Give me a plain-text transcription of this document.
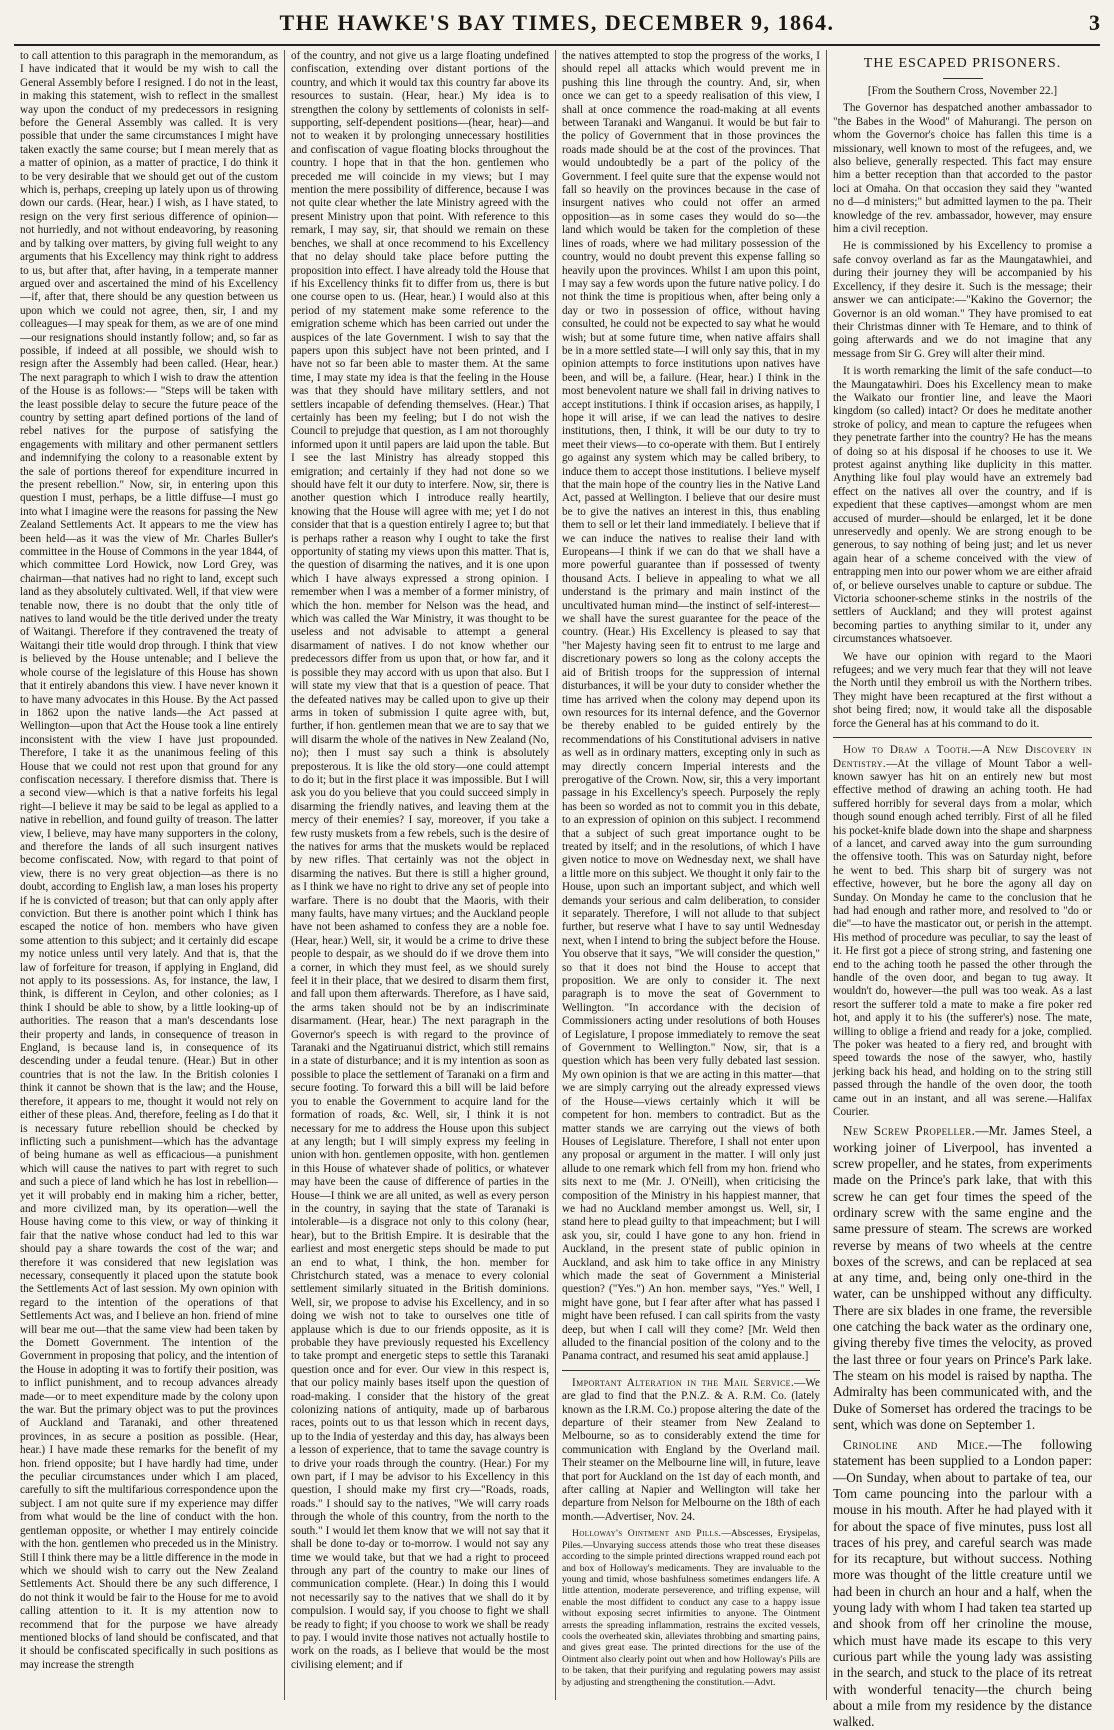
THE HAWKE'S BAY TIMES, DECEMBER 9, 1864.	3

to call attention to this paragraph in the memorandum, as I have indicated that it would be my wish to call the General Assembly before I resigned. I do not in the least, in making this statement, wish to reflect in the smallest way upon the conduct of my predecessors in resigning before the General Assembly was called. It is very possible that under the same circumstances I might have taken exactly the same course; but I mean merely that as a matter of opinion, as a matter of practice, I do think it to be very desirable that we should get out of the custom which is, perhaps, creeping up lately upon us of throwing down our cards. (Hear, hear.) I wish, as I have stated, to resign on the very first serious difference of opinion—not hurriedly, and not without endeavoring, by reasoning and by talking over matters, by giving full weight to any arguments that his Excellency may think right to address to us, but after that, after having, in a temperate manner argued over and ascertained the mind of his Excellency—if, after that, there should be any question between us upon which we could not agree, then, sir, I and my colleagues—I may speak for them, as we are of one mind—our resignations should instantly follow; and, so far as possible, if indeed at all possible, we should wish to resign after the Assembly had been called. (Hear, hear.) The next paragraph to which I wish to draw the attention of the House is as follows:— "Steps will be taken with the least possible delay to secure the future peace of the country by setting apart defined portions of the land of rebel natives for the purpose of satisfying the engagements with military and other permanent settlers and indemnifying the colony to a reasonable extent by the sale of portions thereof for expenditure incurred in the present rebellion." Now, sir, in entering upon this question I must, perhaps, be a little diffuse—I must go into what I imagine were the reasons for passing the New Zealand Settlements Act. It appears to me the view has been held—as it was the view of Mr. Charles Buller's committee in the House of Commons in the year 1844, of which committee Lord Howick, now Lord Grey, was chairman—that natives had no right to land, except such land as they absolutely cultivated. Well, if that view were tenable now, there is no doubt that the only title of natives to land would be the title derived under the treaty of Waitangi. Therefore if they contravened the treaty of Waitangi their title would drop through. I think that view is believed by the House untenable; and I believe the whole course of the legislature of this House has shown that it entirely abandons this view. I have never known it to have many advocates in this House. By the Act passed in 1862 upon the native lands—the Act passed at Wellington—upon that Act the House took a line entirely inconsistent with the view I have just propounded. Therefore, I take it as the unanimous feeling of this House that we could not rest upon that ground for any confiscation necessary. I therefore dismiss that. There is a second view—which is that a native forfeits his legal right—I believe it may be said to be legal as applied to a native in rebellion, and found guilty of treason. The latter view, I believe, may have many supporters in the colony, and therefore the lands of all such insurgent natives become confiscated. Now, with regard to that point of view, there is no very great objection—as there is no doubt, according to English law, a man loses his property if he is convicted of treason; but that can only apply after conviction. But there is another point which I think has escaped the notice of hon. members who have given some attention to this subject; and it certainly did escape my notice unless until very lately. And that is, that the law of forfeiture for treason, if applying in England, did not apply to its possessions. As, for instance, the law, I think, is different in Ceylon, and other colonies; as I think I should be able to show, by a little looking-up of authorities. The reason that a man's descendants lose their property and lands, in consequence of treason in England, is because land is, in consequence of its descending under a feudal tenure. (Hear.) But in other countries that is not the law. In the British colonies I think it cannot be shown that is the law; and the House, therefore, it appears to me, thought it would not rely on either of these pleas. And, therefore, feeling as I do that it is necessary future rebellion should be checked by inflicting such a punishment—which has the advantage of being humane as well as efficacious—a punishment which will cause the natives to part with regret to such and such a piece of land which he has lost in rebellion—yet it will probably end in making him a richer, better, and more civilized man, by its operation—well the House having come to this view, or way of thinking it fair that the native whose conduct had led to this war should pay a share towards the cost of the war; and therefore it was considered that new legislation was necessary, consequently it placed upon the statute book the Settlements Act of last session. My own opinion with regard to the intention of the operations of that Settlements Act was, and I believe an hon. friend of mine will bear me out—that the same view had been taken by the Domett Government. The intention of the Government in proposing that policy, and the intention of the House in adopting it was to fortify their position, was to inflict punishment, and to recoup advances already made—or to meet expenditure made by the colony upon the war. But the primary object was to put the provinces of Auckland and Taranaki, and other threatened provinces, in as secure a position as possible. (Hear, hear.) I have made these remarks for the benefit of my hon. friend opposite; but I have hardly had time, under the peculiar circumstances under which I am placed, carefully to sift the multifarious correspondence upon the subject. I am not quite sure if my experience may differ from what would be the line of conduct with the hon. gentleman opposite, or whether I may entirely coincide with the hon. gentlemen who preceded us in the Ministry. Still I think there may be a little difference in the mode in which we should wish to carry out the New Zealand Settlements Act. Should there be any such difference, I do not think it would be fair to the House for me to avoid calling attention to it. It is my attention now to recommend that for the purpose we have already mentioned blocks of land should be confiscated, and that it should be confiscated specifically in such positions as may increase the strength

of the country, and not give us a large floating undefined confiscation, extending over distant portions of the country, and which it would tax this country far above its resources to sustain. (Hear, hear.) My idea is to strengthen the colony by settlements of colonists in self-supporting, self-dependent positions—(hear, hear)—and not to weaken it by prolonging unnecessary hostilities and confiscation of vague floating blocks throughout the country. I hope that in that the hon. gentlemen who preceded me will coincide in my views; but I may mention the mere possibility of difference, because I was not quite clear whether the late Ministry agreed with the present Ministry upon that point. With reference to this remark, I may say, sir, that should we remain on these benches, we shall at once recommend to his Excellency that no delay should take place before putting the proposition into effect. I have already told the House that if his Excellency thinks fit to differ from us, there is but one course open to us. (Hear, hear.) I would also at this period of my statement make some reference to the emigration scheme which has been carried out under the auspices of the late Government. I wish to say that the papers upon this subject have not been printed, and I have not so far been able to master them. At the same time, I may state my idea is that the feeling in the House was that they should have military settlers, and not settlers incapable of defending themselves. (Hear.) That certainly has been my feeling; but I do not wish the Council to prejudge that question, as I am not thoroughly informed upon it until papers are laid upon the table. But I see the last Ministry has already stopped this emigration; and certainly if they had not done so we should have felt it our duty to interfere. Now, sir, there is another question which I introduce really heartily, knowing that the House will agree with me; yet I do not consider that that is a question entirely I agree to; but that is perhaps rather a reason why I ought to take the first opportunity of stating my views upon this matter. That is, the question of disarming the natives, and it is one upon which I have always expressed a strong opinion. I remember when I was a member of a former ministry, of which the hon. member for Nelson was the head, and which was called the War Ministry, it was thought to be useless and not advisable to attempt a general disarmament of natives. I do not know whether our predecessors differ from us upon that, or how far, and it is possible they may accord with us upon that also. But I will state my view that that is a question of peace. That the defeated natives may be called upon to give up their arms in token of submission I quite agree with, but, further, if hon. gentlemen mean that we are to say that we will disarm the whole of the natives in New Zealand (No, no); then I must say such a think is absolutely preposterous. It is like the old story—one could attempt to do it; but in the first place it was impossible. But I will ask you do you believe that you could succeed simply in disarming the friendly natives, and leaving them at the mercy of their enemies? I say, moreover, if you take a few rusty muskets from a few rebels, such is the desire of the natives for arms that the muskets would be replaced by new rifles. That certainly was not the object in disarming the natives. But there is still a higher ground, as I think we have no right to drive any set of people into warfare. There is no doubt that the Maoris, with their many faults, have many virtues; and the Auckland people have not been ashamed to confess they are a noble foe. (Hear, hear.) Well, sir, it would be a crime to drive these people to despair, as we should do if we drove them into a corner, in which they must feel, as we should surely feel it in their place, that we desired to disarm them first, and fall upon them afterwards. Therefore, as I have said, the arms taken should not be by an indiscriminate disarmament. (Hear, hear.) The next paragraph in the Governor's speech is with regard to the province of Taranaki and the Ngatiruanui district, which still remains in a state of disturbance; and it is my intention as soon as possible to place the settlement of Taranaki on a firm and secure footing. To forward this a bill will be laid before you to enable the Government to acquire land for the formation of roads, &c. Well, sir, I think it is not necessary for me to address the House upon this subject at any length; but I will simply express my feeling in union with hon. gentlemen opposite, with hon. gentlemen in this House of whatever shade of politics, or whatever may have been the cause of difference of parties in the House—I think we are all united, as well as every person in the country, in saying that the state of Taranaki is intolerable—is a disgrace not only to this colony (hear, hear), but to the British Empire. It is desirable that the earliest and most energetic steps should be made to put an end to what, I think, the hon. member for Christchurch stated, was a menace to every colonial settlement similarly situated in the British dominions. Well, sir, we propose to advise his Excellency, and in so doing we wish not to take to ourselves one title of applause which is due to our friends opposite, as it is probable they have previously requested his Excellency to take prompt and energetic steps to settle this Taranaki question once and for ever. Our view in this respect is, that our policy mainly bases itself upon the question of road-making. I consider that the history of the great colonizing nations of antiquity, made up of barbarous races, points out to us that lesson which in recent days, up to the India of yesterday and this day, has always been a lesson of experience, that to tame the savage country is to drive your roads through the country. (Hear.) For my own part, if I may be advisor to his Excellency in this question, I should make my first cry—"Roads, roads, roads." I should say to the natives, "We will carry roads through the whole of this country, from the north to the south." I would let them know that we will not say that it shall be done to-day or to-morrow. I would not say any time we would take, but that we had a right to proceed through any part of the country to make our lines of communication complete. (Hear.) In doing this I would not necessarily say to the natives that we shall do it by compulsion. I would say, if you choose to fight we shall be ready to fight; if you choose to work we shall be ready to pay. I would invite those natives not actually hostile to work on the roads, as I believe that would be the most civilising element; and if

the natives attempted to stop the progress of the works, I should repel all attacks which would prevent me in pushing this line through the country. And, sir, when once we can get to a speedy realisation of this view, I shall at once commence the road-making at all events between Taranaki and Wanganui. It would be but fair to the policy of Government that in those provinces the roads made should be at the cost of the provinces. That would undoubtedly be a part of the policy of the Government. I feel quite sure that the expense would not fall so heavily on the provinces because in the case of insurgent natives who could not offer an armed opposition—as in some cases they would do so—the land which would be taken for the completion of these lines of roads, where we had military possession of the country, would no doubt prevent this expense falling so heavily upon the provinces. Whilst I am upon this point, I may say a few words upon the future native policy. I do not think the time is propitious when, after being only a day or two in possession of office, without having consulted, he could not be expected to say what he would wish; but at some future time, when native affairs shall be in a more settled state—I will only say this, that in my opinion attempts to force institutions upon natives have been, and will be, a failure. (Hear, hear.) I think in the most benevolent nature we shall fail in driving natives to accept institutions. I think if occasion arises, as happily, I hope it will arise, if we can lead the natives to desire institutions, then, I think, it will be our duty to try to meet their views—to co-operate with them. But I entirely go against any system which may be called bribery, to induce them to accept those institutions. I believe myself that the main hope of the country lies in the Native Land Act, passed at Wellington. I believe that our desire must be to give the natives an interest in this, thus enabling them to sell or let their land immediately. I believe that if we can induce the natives to realise their land with Europeans—I think if we can do that we shall have a more powerful guarantee than if possessed of twenty thousand Acts. I believe in appealing to what we all understand is the primary and main instinct of the uncultivated human mind—the instinct of self-interest—we shall have the surest guarantee for the peace of the country. (Hear.) His Excellency is pleased to say that "her Majesty having seen fit to entrust to me large and discretionary powers so long as the colony accepts the aid of British troops for the suppression of internal disturbances, it will be your duty to consider whether the time has arrived when the colony may depend upon its own resources for its internal defence, and the Governor be thereby enabled to be guided entirely by the recommendations of his Constitutional advisers in native as well as in ordinary matters, excepting only in such as may directly concern Imperial interests and the prerogative of the Crown. Now, sir, this a very important passage in his Excellency's speech. Purposely the reply has been so worded as not to commit you in this debate, to an expression of opinion on this subject. I recommend that a subject of such great importance ought to be treated by itself; and in the resolutions, of which I have given notice to move on Wednesday next, we shall have a little more on this subject. We thought it only fair to the House, upon such an important subject, and which well demands your serious and calm deliberation, to consider it separately. Therefore, I will not allude to that subject further, but reserve what I have to say until Wednesday next, when I intend to bring the subject before the House. You observe that it says, "We will consider the question," so that it does not bind the House to accept that proposition. We are only to consider it. The next paragraph is to move the seat of Government to Wellington. "In accordance with the decision of Commissioners acting under resolutions of both Houses of Legislature, I propose immediately to remove the seat of Government to Wellington." Now, sir, that is a question which has been very fully debated last session. My own opinion is that we are acting in this matter—that we are simply carrying out the already expressed views of the House—views certainly which it will be competent for hon. members to contradict. But as the matter stands we are carrying out the views of both Houses of Legislature. Therefore, I shall not enter upon any proposal or argument in the matter. I will only just allude to one remark which fell from my hon. friend who sits next to me (Mr. J. O'Neill), when criticising the composition of the Ministry in his happiest manner, that we had no Auckland member amongst us. Well, sir, I stand here to plead guilty to that impeachment; but I will ask you, sir, could I have gone to any hon. friend in Auckland, in the present state of public opinion in Auckland, and ask him to take office in any Ministry which made the seat of Government a Ministerial question? ("Yes.") An hon. member says, "Yes." Well, I might have gone, but I fear after after what has passed I might have been refused. I can call spirits from the vasty deep, but when I call will they come? [Mr. Weld then alluded to the financial position of the colony and to the Panama contract, and resumed his seat amid applause.]

Important Alteration in the Mail Service.—We are glad to find that the P.N.Z. & A. R.M. Co. (lately known as the I.R.M. Co.) propose altering the date of the departure of their steamer from New Zealand to Melbourne, so as to considerably extend the time for communication with England by the Overland mail. Their steamer on the Melbourne line will, in future, leave that port for Auckland on the 1st day of each month, and after calling at Napier and Wellington will take her departure from Nelson for Melbourne on the 18th of each month.—Advertiser, Nov. 24.

Holloway's Ointment and Pills.—Abscesses, Erysipelas, Piles.—Unvarying success attends those who treat these diseases according to the simple printed directions wrapped round each pot and box of Holloway's medicaments. They are invaluable to the young and timid, whose bashfulness sometimes endangers life. A little attention, moderate perseverence, and trifling expense, will enable the most diffident to conduct any case to a happy issue without exposing secret infirmities to anyone. The Ointment arrests the spreading inflammation, restrains the excited vessels, cools the overheated skin, alleviates throbbing and smarting pains, and gives great ease. The printed directions for the use of the Ointment also clearly point out when and how Holloway's Pills are to be taken, that their purifying and regulating powers may assist by adjusting and strengthening the constitution.—Advt.

THE ESCAPED PRISONERS.

[From the Southern Cross, November 22.]

The Governor has despatched another ambassador to "the Babes in the Wood" of Mahurangi. The person on whom the Governor's choice has fallen this time is a missionary, well known to most of the refugees, and, we also believe, generally respected. This fact may ensure him a better reception than that accorded to the pastor loci at Omaha. On that occasion they said they "wanted no d—d ministers;" but admitted laymen to the pa. Their knowledge of the rev. ambassador, however, may ensure him a civil reception.

He is commissioned by his Excellency to promise a safe convoy overland as far as the Maungatawhiei, and during their journey they will be accompanied by his Excellency, if they desire it. Such is the message; their answer we can anticipate:—"Kakino the Governor; the Governor is an old woman." They have promised to eat their Christmas dinner with Te Hemare, and to think of going afterwards and we do not imagine that any message from Sir G. Grey will alter their mind.

It is worth remarking the limit of the safe conduct—to the Maungatawhiri. Does his Excellency mean to make the Waikato our frontier line, and leave the Maori kingdom (so called) intact? Or does he meditate another stroke of policy, and mean to capture the refugees when they penetrate farther into the country? He has the means of doing so at his disposal if he chooses to use it. We protest against anything like duplicity in this matter. Anything like foul play would have an extremely bad effect on the natives all over the country, and if is expedient that these captives—amongst whom are men accused of murder—should be enlarged, let it be done unreservedly and openly. We are strong enough to be generous, to say nothing of being just; and let us never again hear of a scheme conceived with the view of entrapping men into our power whom we are either afraid of, or believe ourselves unable to capture or subdue. The Victoria schooner-scheme stinks in the nostrils of the settlers of Auckland; and they will protest against becoming parties to anything similar to it, under any circumstances whatsoever.

We have our opinion with regard to the Maori refugees; and we very much fear that they will not leave the North until they embroil us with the Northern tribes. They might have been recaptured at the first without a shot being fired; now, it would take all the disposable force the General has at his command to do it.

How to Draw a Tooth.—A New Discovery in Dentistry.—At the village of Mount Tabor a well-known sawyer has hit on an entirely new but most effective method of drawing an aching tooth. He had suffered horribly for several days from a molar, which though sound enough ached terribly. First of all he filed his pocket-knife blade down into the shape and sharpness of a lancet, and carved away into the gum surrounding the offensive tooth. This was on Saturday night, before he went to bed. This sharp bit of surgery was not effective, however, but he bore the agony all day on Sunday. On Monday he came to the conclusion that he had had enough and rather more, and resolved to "do or die"—to have the masticator out, or perish in the attempt. His method of procedure was peculiar, to say the least of it. He first got a piece of strong string, and fastening one end to the aching tooth he passed the other through the handle of the oven door, and began to tug away. It wouldn't do, however—the pull was too weak. As a last resort the sufferer told a mate to make a fire poker red hot, and apply it to his (the sufferer's) nose. The mate, willing to oblige a friend and ready for a joke, complied. The poker was heated to a fiery red, and brought with speed towards the nose of the sawyer, who, hastily jerking back his head, and holding on to the string still passed through the handle of the oven door, the tooth came out in an instant, and all was serene.—Halifax Courier.

New Screw Propeller.—Mr. James Steel, a working joiner of Liverpool, has invented a screw propeller, and he states, from experiments made on the Prince's park lake, that with this screw he can get four times the speed of the ordinary screw with the same engine and the same pressure of steam. The screws are worked reverse by means of two wheels at the centre boxes of the screws, and can be replaced at sea at any time, and, being only one-third in the water, can be unshipped without any difficulty. There are six blades in one frame, the reversible one catching the back water as the ordinary one, giving thereby five times the velocity, as proved the last three or four years on Prince's Park lake. The steam on his model is raised by naptha. The Admiralty has been communicated with, and the Duke of Somerset has ordered the tracings to be sent, which was done on September 1.

Crinoline and Mice.—The following statement has been supplied to a London paper:—On Sunday, when about to partake of tea, our Tom came pouncing into the parlour with a mouse in his mouth. After he had played with it for about the space of five minutes, puss lost all traces of his prey, and careful search was made for its recapture, but without success. Nothing more was thought of the little creature until we had been in church an hour and a half, when the young lady with whom I had taken tea started up and shook from off her crinoline the mouse, which must have made its escape to this very curious part while the young lady was assisting in the search, and stuck to the place of its retreat with wonderful tenacity—the church being about a mile from my residence by the distance walked.
